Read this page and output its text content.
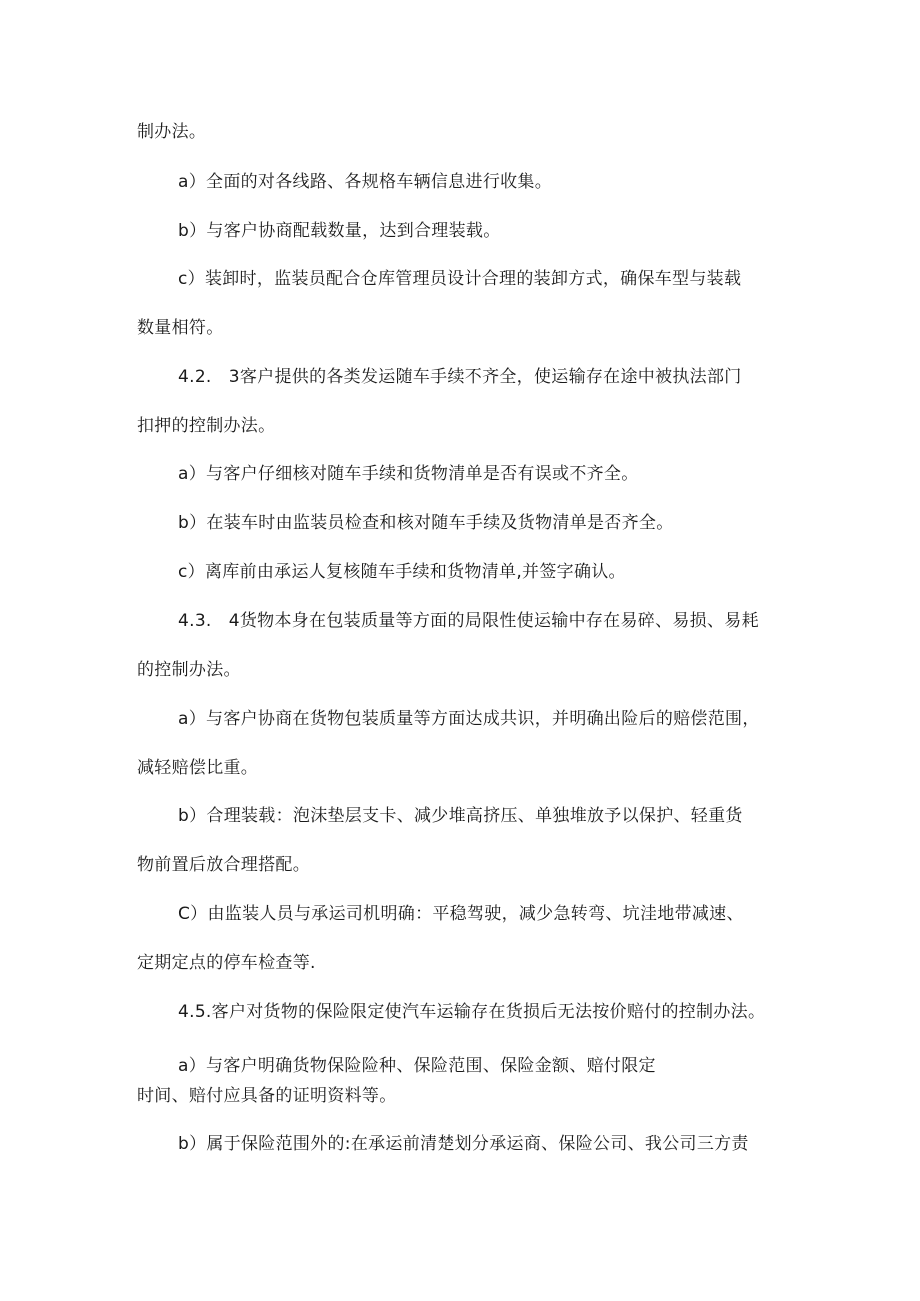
制办法。
a）全面的对各线路、各规格车辆信息进行收集。
b）与客户协商配载数量，达到合理装载。
c）装卸时，监装员配合仓库管理员设计合理的装卸方式，确保车型与装载
数量相符。
4.2.   3客户提供的各类发运随车手续不齐全，使运输存在途中被执法部门
扣押的控制办法。
a）与客户仔细核对随车手续和货物清单是否有误或不齐全。
b）在装车时由监装员检查和核对随车手续及货物清单是否齐全。
c）离库前由承运人复核随车手续和货物清单,并签字确认。
4.3.   4货物本身在包装质量等方面的局限性使运输中存在易碎、易损、易耗
的控制办法。
a）与客户协商在货物包装质量等方面达成共识，并明确出险后的赔偿范围，
减轻赔偿比重。
b）合理装载：泡沫垫层支卡、减少堆高挤压、单独堆放予以保护、轻重货
物前置后放合理搭配。
C）由监装人员与承运司机明确：平稳驾驶，减少急转弯、坑洼地带减速、
定期定点的停车检查等.
4.5.客户对货物的保险限定使汽车运输存在货损后无法按价赔付的控制办法。
a）与客户明确货物保险险种、保险范围、保险金额、赔付限定
时间、赔付应具备的证明资料等。
b）属于保险范围外的:在承运前清楚划分承运商、保险公司、我公司三方责
